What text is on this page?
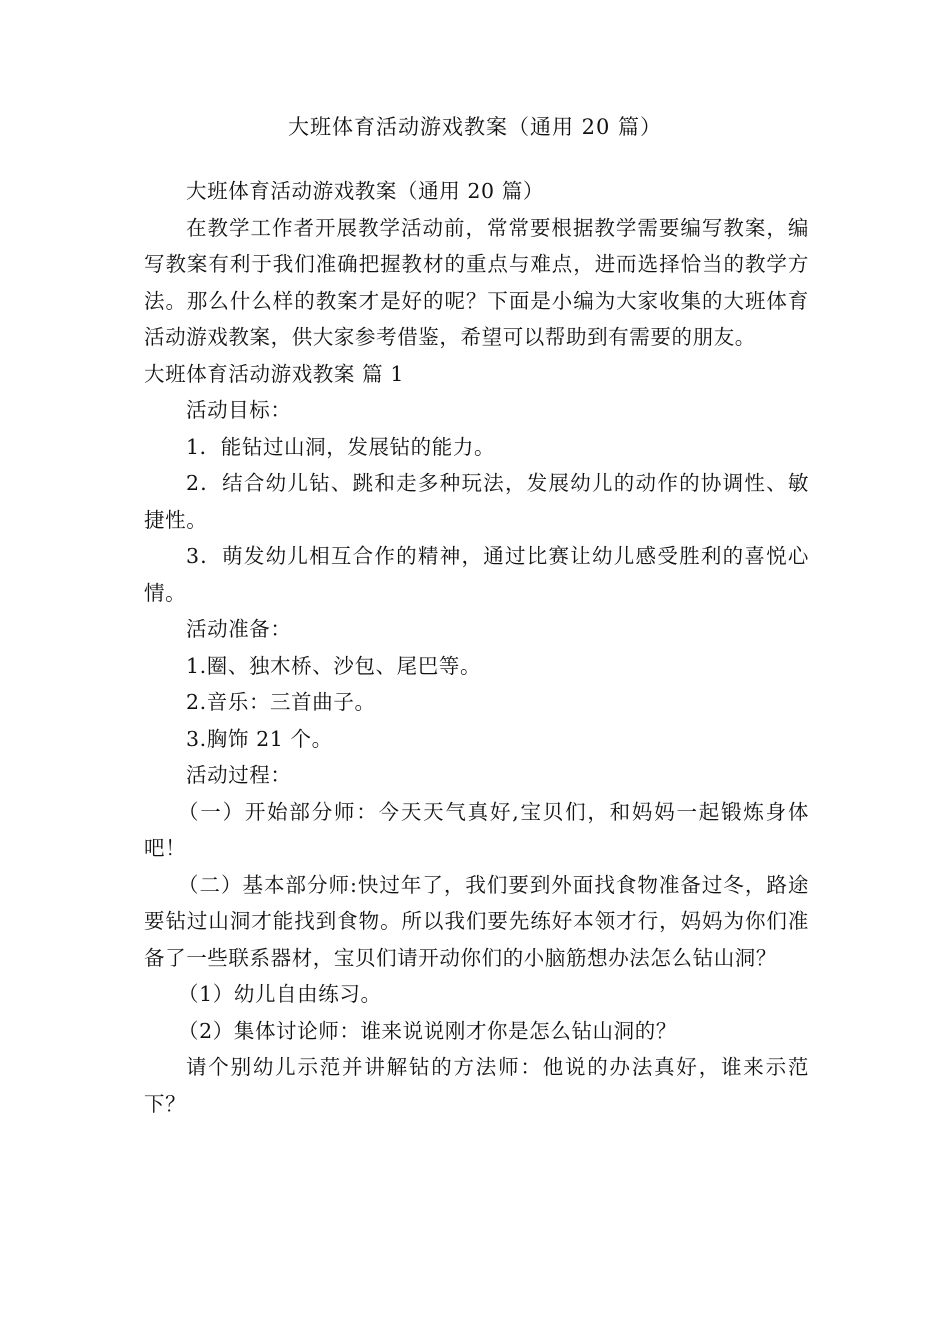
大班体育活动游戏教案（通用 20 篇）

大班体育活动游戏教案（通用 20 篇）

在教学工作者开展教学活动前，常常要根据教学需要编写教案，编写教案有利于我们准确把握教材的重点与难点，进而选择恰当的教学方法。那么什么样的教案才是好的呢？下面是小编为大家收集的大班体育活动游戏教案，供大家参考借鉴，希望可以帮助到有需要的朋友。

大班体育活动游戏教案 篇 1

活动目标：

1．能钻过山洞，发展钻的能力。

2．结合幼儿钻、跳和走多种玩法，发展幼儿的动作的协调性、敏捷性。

3．萌发幼儿相互合作的精神，通过比赛让幼儿感受胜利的喜悦心情。

活动准备：

1.圈、独木桥、沙包、尾巴等。

2.音乐：三首曲子。

3.胸饰 21 个。

活动过程：

（一）开始部分师：今天天气真好,宝贝们，和妈妈一起锻炼身体吧！

（二）基本部分师:快过年了，我们要到外面找食物准备过冬，路途要钻过山洞才能找到食物。所以我们要先练好本领才行，妈妈为你们准备了一些联系器材，宝贝们请开动你们的小脑筋想办法怎么钻山洞？

（1）幼儿自由练习。

（2）集体讨论师：谁来说说刚才你是怎么钻山洞的？

请个别幼儿示范并讲解钻的方法师：他说的办法真好，谁来示范下？
